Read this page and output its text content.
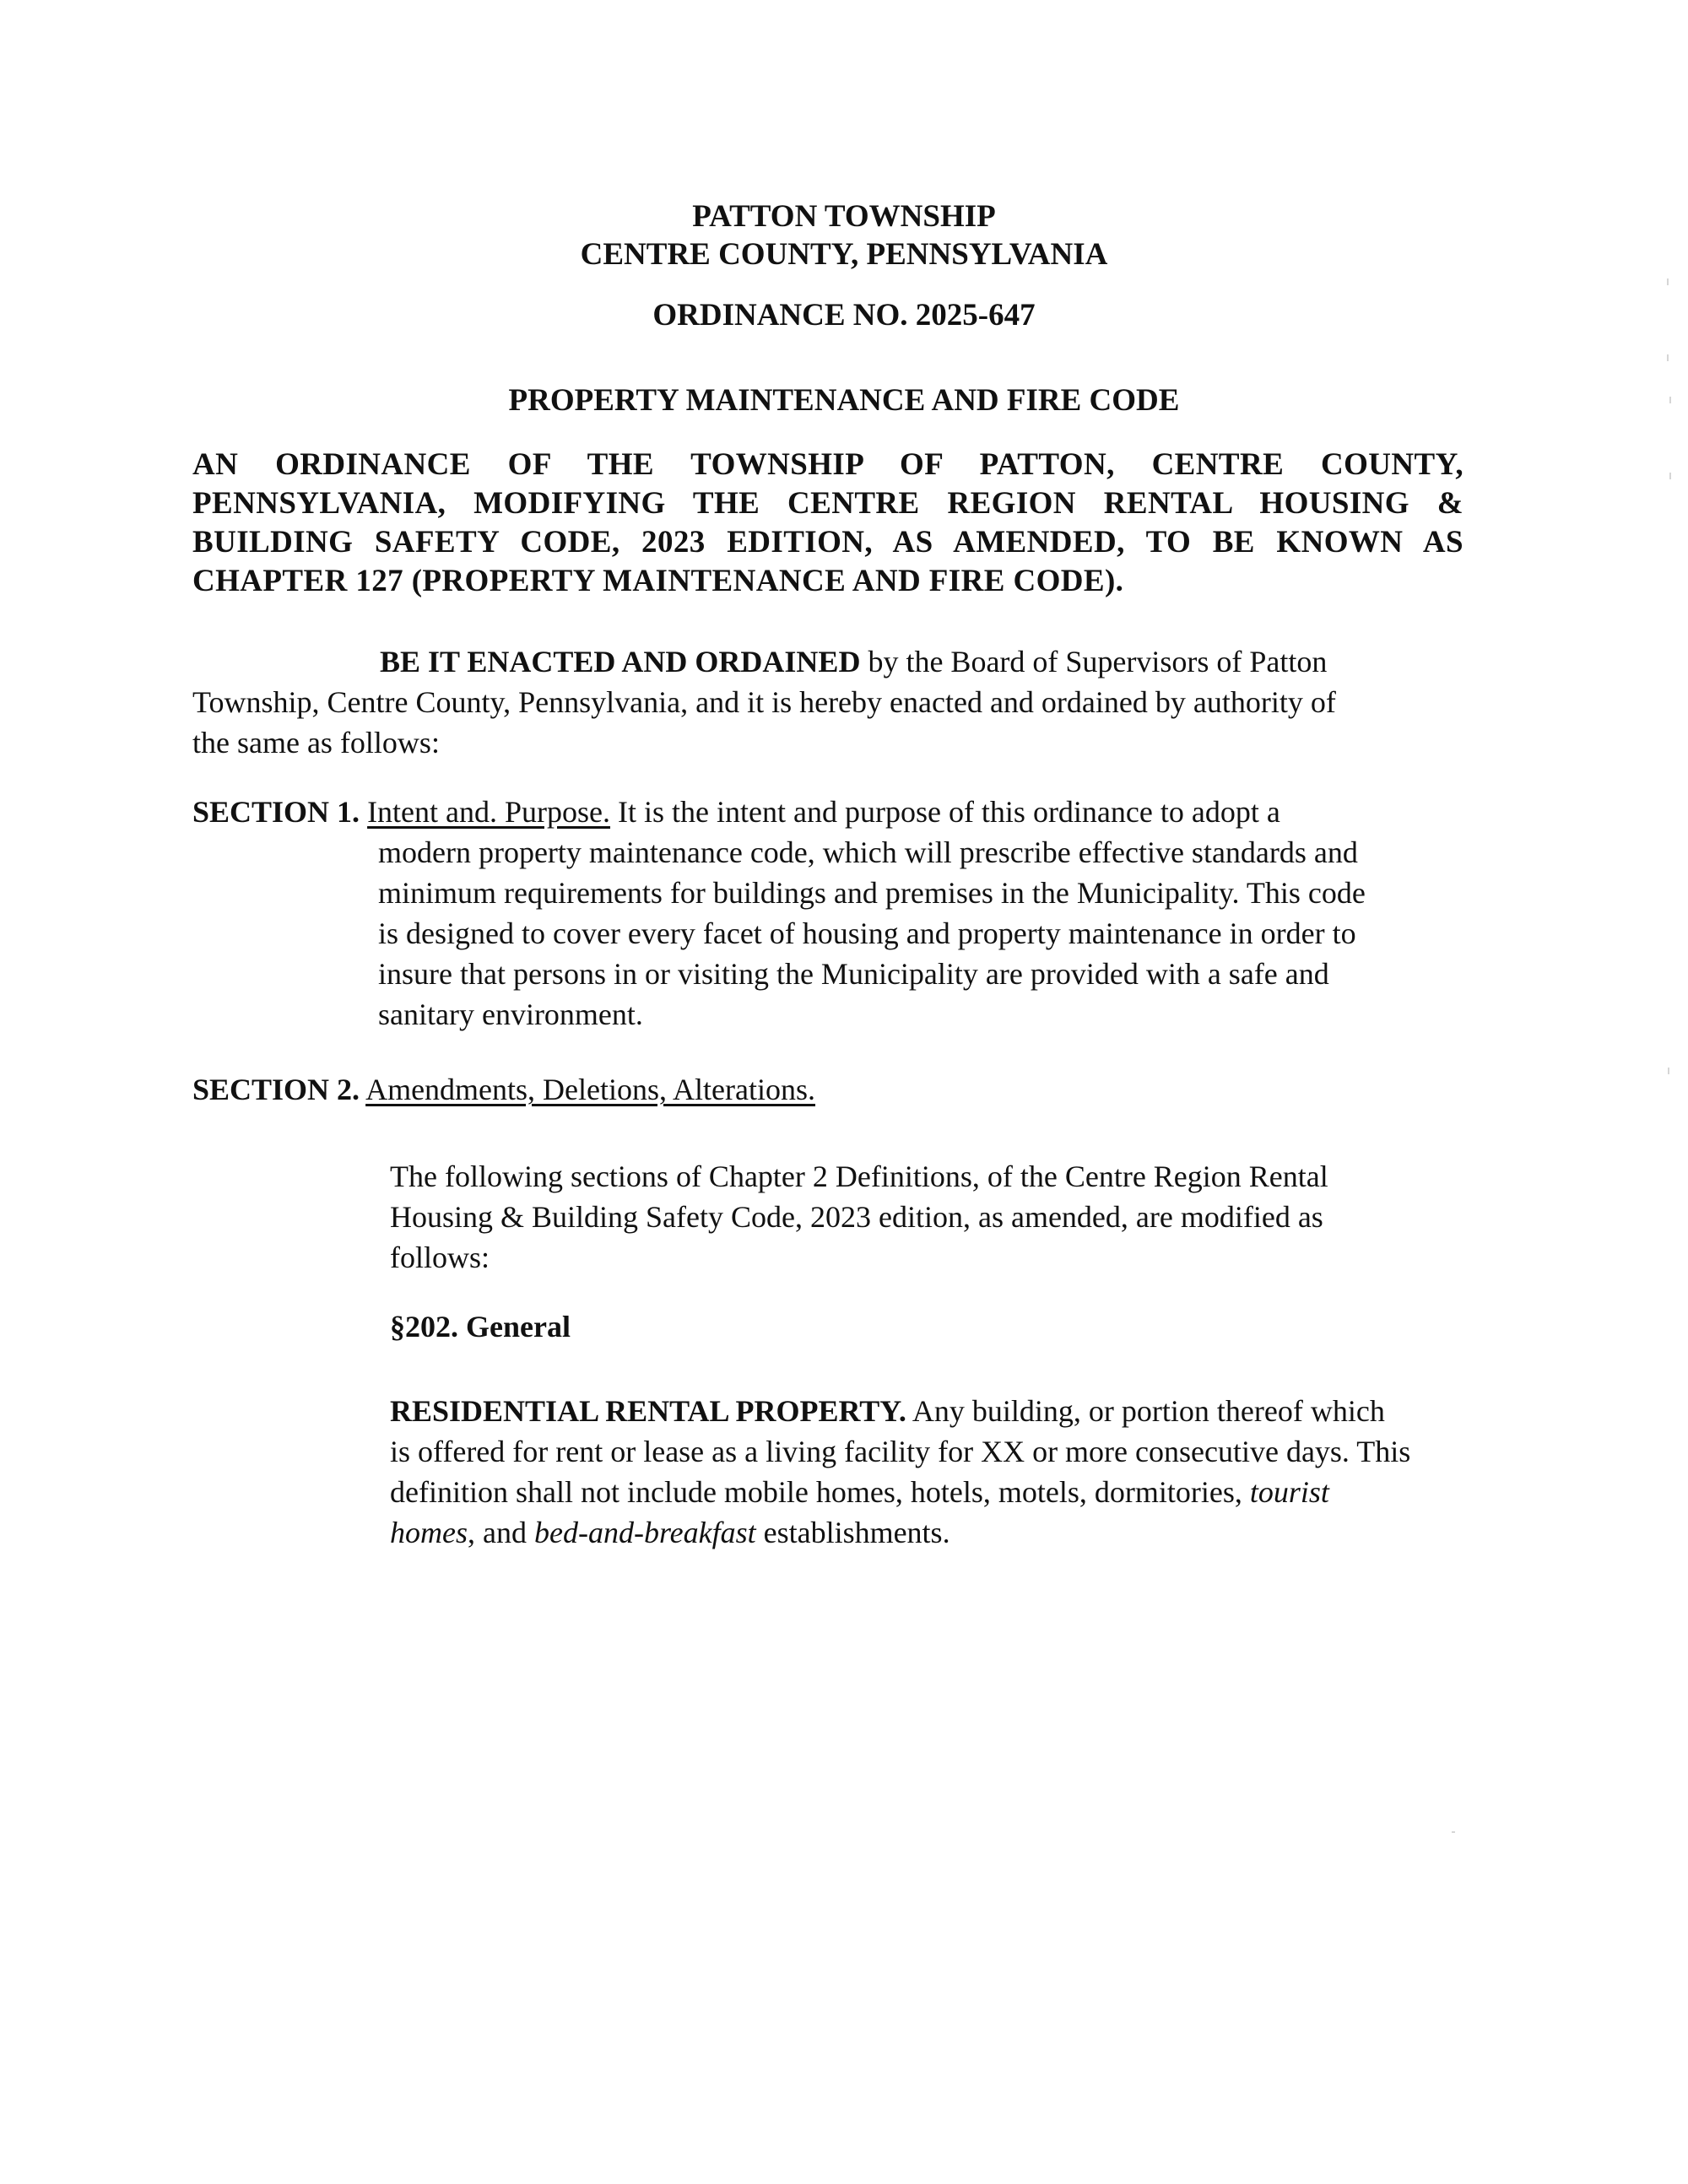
PATTON TOWNSHIP
CENTRE COUNTY, PENNSYLVANIA
ORDINANCE NO. 2025-647
PROPERTY MAINTENANCE AND FIRE CODE
AN ORDINANCE OF THE TOWNSHIP OF PATTON, CENTRE COUNTY,
PENNSYLVANIA, MODIFYING THE CENTRE REGION RENTAL HOUSING &
BUILDING SAFETY CODE, 2023 EDITION, AS AMENDED, TO BE KNOWN AS
CHAPTER 127 (PROPERTY MAINTENANCE AND FIRE CODE).
BE IT ENACTED AND ORDAINED by the Board of Supervisors of Patton
Township, Centre County, Pennsylvania, and it is hereby enacted and ordained by authority of
the same as follows:
SECTION 1. Intent and. Purpose. It is the intent and purpose of this ordinance to adopt a
modern property maintenance code, which will prescribe effective standards and
minimum requirements for buildings and premises in the Municipality. This code
is designed to cover every facet of housing and property maintenance in order to
insure that persons in or visiting the Municipality are provided with a safe and
sanitary environment.
SECTION 2. Amendments, Deletions, Alterations.
The following sections of Chapter 2 Definitions, of the Centre Region Rental
Housing & Building Safety Code, 2023 edition, as amended, are modified as
follows:
§202. General
RESIDENTIAL RENTAL PROPERTY. Any building, or portion thereof which
is offered for rent or lease as a living facility for XX or more consecutive days. This
definition shall not include mobile homes, hotels, motels, dormitories, tourist
homes, and bed-and-breakfast establishments.
